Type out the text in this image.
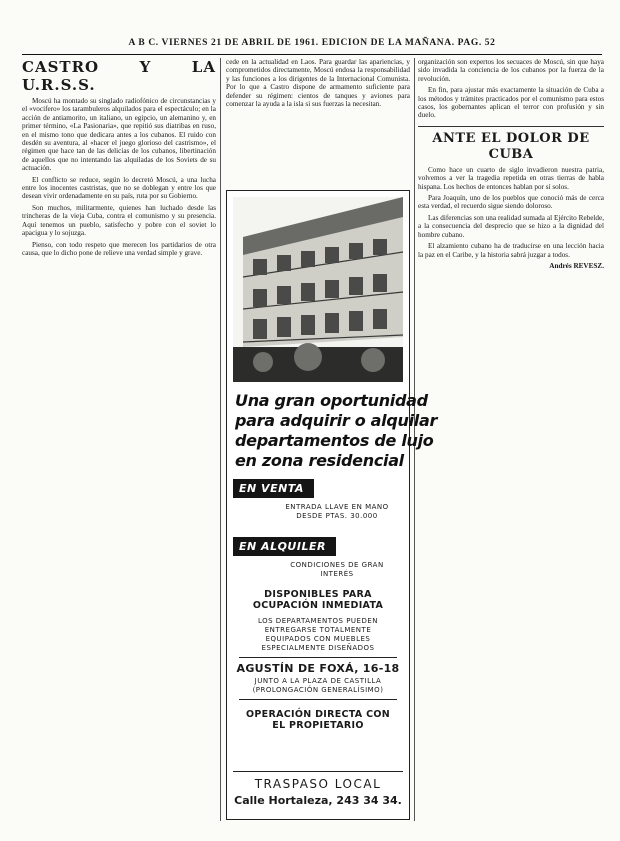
A B C. VIERNES 21 DE ABRIL DE 1961. EDICION DE LA MAÑANA. PAG. 52
CASTRO Y LA U.R.S.S.

Moscú ha montado su singlado radiofónico de circunstancias y el «vocifero» los tarambuleros alquilados para el espectáculo; en la acción de antiamorito, un italiano, un egipcio, un alemanino y, en primer término, «La Pasionaria», que repitió sus diatribas en ruso, en el mismo tono que dedicara antes a los cubanos. El ruido con desdén su aventura, al «hacer el juego glorioso del castrismo», el régimen que hace tan de las delicias de los cubanos, libertinación de aquellos que no intentando las alquiladas de los Soviets de su actuación.

El conflicto se reduce, según lo decretó Moscú, a una lucha entre los inocentes castristas, que no se doblegan y entre los que desean vivir ordenadamente en su país, ruta por su Gobierno.

Son muchos, militarmente, quienes han luchado desde las trincheras de la vieja Cuba, contra el comunismo y su presencia. Aquí tenemos un pueblo, satisfecho y pobre con el soviet lo apacigua y lo sojuzga.

Pienso, con todo respeto que merecen los partidarios de otra causa, que lo dicho pone de relieve una verdad simple y grave.

cede en la actualidad en Laos. Para guardar las apariencias, y comprometidos directamente, Moscú endosa la responsabilidad y las funciones a los dirigentes de la Internacional Comunista. Por lo que a Castro dispone de armamento suficiente para defender su régimen: cientos de tanques y aviones para comenzar la ayuda a la isla si sus fuerzas la necesitan.

Una gran oportunidad
para adquirir o alquilar
departamentos de lujo
en zona residencial
EN VENTA
ENTRADA LLAVE EN MANO
DESDE PTAS. 30.000
EN ALQUILER
CONDICIONES DE GRAN
INTERÉS
DISPONIBLES PARA
OCUPACIÓN INMEDIATA
LOS DEPARTAMENTOS PUEDEN
ENTREGARSE TOTALMENTE
EQUIPADOS CON MUEBLES
ESPECIALMENTE DISEÑADOS
AGUSTÍN DE FOXÁ, 16-18
JUNTO A LA PLAZA DE CASTILLA
(PROLONGACIÓN GENERALÍSIMO)
OPERACIÓN DIRECTA CON
EL PROPIETARIO
TRASPASO LOCAL
Calle Hortaleza, 243 34 34.

organización son expertos los secuaces de Moscú, sin que haya sido invadida la conciencia de los cubanos por la fuerza de la revolución.

En fin, para ajustar más exactamente la situación de Cuba a los métodos y trámites practicados por el comunismo para estos casos, los gobernantes aplican el terror con profusión y sin duelo.

ANTE EL DOLOR DE CUBA

Como hace un cuarto de siglo invadieron nuestra patria, volvemos a ver la tragedia repetida en otras tierras de habla hispana. Los hechos de entonces hablan por sí solos.

Para Joaquín, uno de los pueblos que conoció más de cerca esta verdad, el recuerdo sigue siendo doloroso.

Las diferencias son una realidad sumada al Ejército Rebelde, a la consecuencia del desprecio que se hizo a la dignidad del hombre cubano.

El alzamiento cubano ha de traducirse en una lección hacia la paz en el Caribe, y la historia sabrá juzgar a todos.

Andrés REVESZ.
